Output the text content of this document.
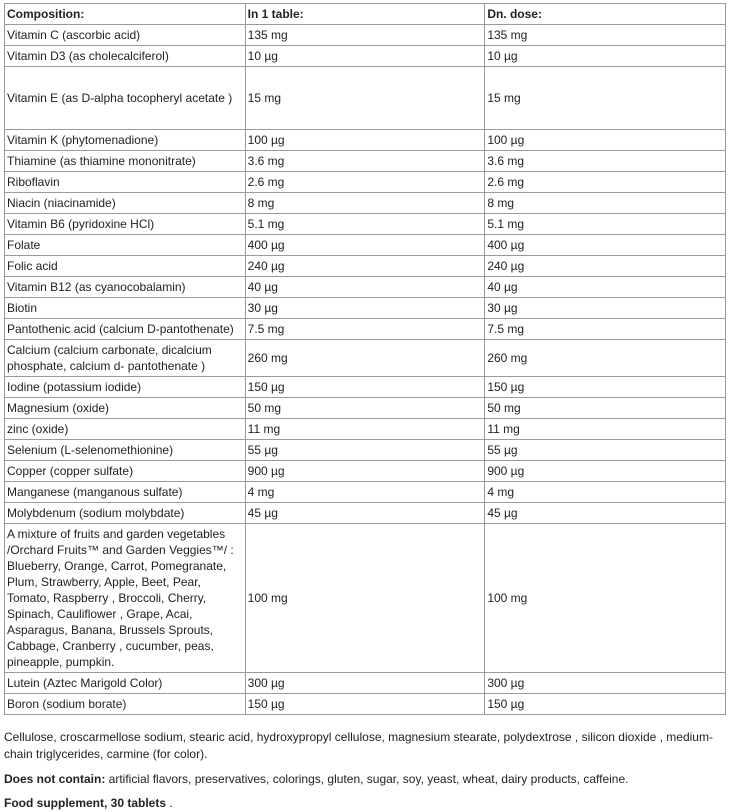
Composition:	In 1 table:	Dn. dose:
Vitamin C (ascorbic acid)	135 mg	135 mg
Vitamin D3 (as cholecalciferol)	10 µg	10 µg
Vitamin E (as D-alpha tocopheryl acetate )	15 mg	15 mg
Vitamin K (phytomenadione)	100 µg	100 µg
Thiamine (as thiamine mononitrate)	3.6 mg	3.6 mg
Riboflavin	2.6 mg	2.6 mg
Niacin (niacinamide)	8 mg	8 mg
Vitamin B6 (pyridoxine HCl)	5.1 mg	5.1 mg
Folate	400 µg	400 µg
Folic acid	240 µg	240 µg
Vitamin B12 (as cyanocobalamin)	40 µg	40 µg
Biotin	30 µg	30 µg
Pantothenic acid (calcium D-pantothenate)	7.5 mg	7.5 mg
Calcium (calcium carbonate, dicalcium phosphate, calcium d- pantothenate )	260 mg	260 mg
Iodine (potassium iodide)	150 µg	150 µg
Magnesium (oxide)	50 mg	50 mg
zinc (oxide)	11 mg	11 mg
Selenium (L-selenomethionine)	55 µg	55 µg
Copper (copper sulfate)	900 µg	900 µg
Manganese (manganous sulfate)	4 mg	4 mg
Molybdenum (sodium molybdate)	45 µg	45 µg
A mixture of fruits and garden vegetables /Orchard Fruits™ and Garden Veggies™/ : Blueberry, Orange, Carrot, Pomegranate, Plum, Strawberry, Apple, Beet, Pear, Tomato, Raspberry , Broccoli, Cherry, Spinach, Cauliflower , Grape, Acai, Asparagus, Banana, Brussels Sprouts, Cabbage, Cranberry , cucumber, peas, pineapple, pumpkin.	100 mg	100 mg
Lutein (Aztec Marigold Color)	300 µg	300 µg
Boron (sodium borate)	150 µg	150 µg

Cellulose, croscarmellose sodium, stearic acid, hydroxypropyl cellulose, magnesium stearate, polydextrose , silicon dioxide , medium-chain triglycerides, carmine (for color).

Does not contain: artificial flavors, preservatives, colorings, gluten, sugar, soy, yeast, wheat, dairy products, caffeine.

Food supplement, 30 tablets .
